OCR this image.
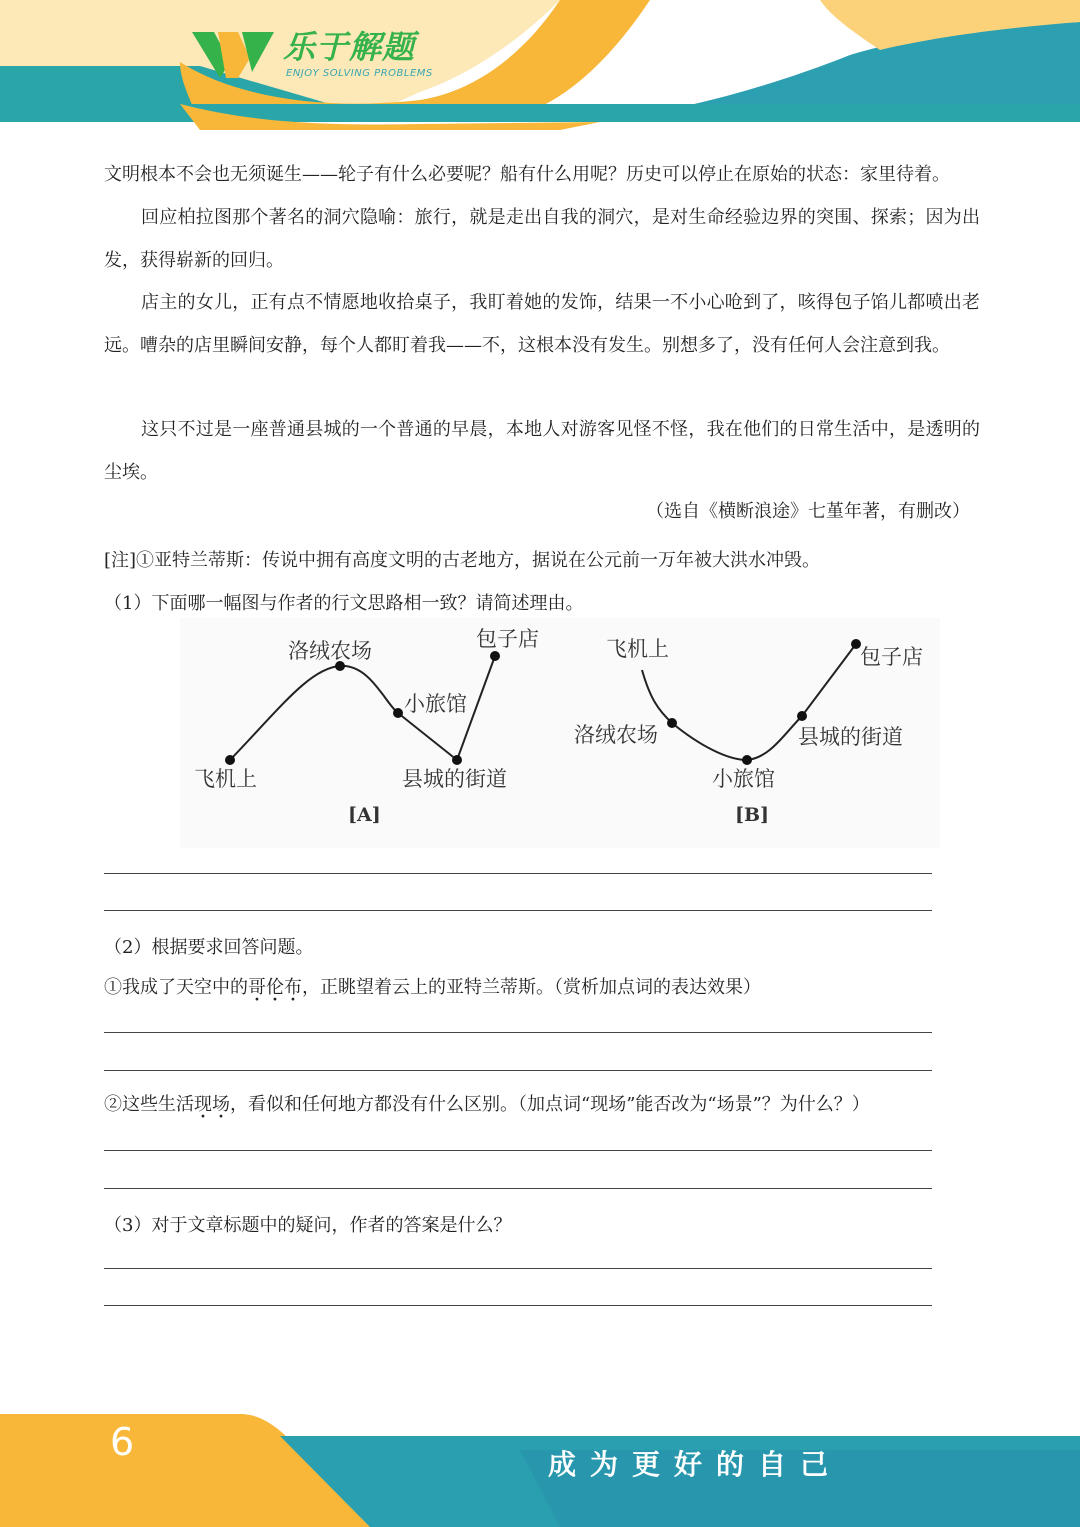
乐于解题
ENJOY SOLVING PROBLEMS

文明根本不会也无须诞生——轮子有什么必要呢？船有什么用呢？历史可以停止在原始的状态：家里待着。

回应柏拉图那个著名的洞穴隐喻：旅行，就是走出自我的洞穴，是对生命经验边界的突围、探索；因为出发，获得崭新的回归。

店主的女儿，正有点不情愿地收拾桌子，我盯着她的发饰，结果一不小心呛到了，咳得包子馅儿都喷出老远。嘈杂的店里瞬间安静，每个人都盯着我——不，这根本没有发生。别想多了，没有任何人会注意到我。

这只不过是一座普通县城的一个普通的早晨，本地人对游客见怪不怪，我在他们的日常生活中，是透明的尘埃。

（选自《横断浪途》七堇年著，有删改）

[注]①亚特兰蒂斯：传说中拥有高度文明的古老地方，据说在公元前一万年被大洪水冲毁。

（1）下面哪一幅图与作者的行文思路相一致？请简述理由。

飞机上
洛绒农场
小旅馆
县城的街道
包子店
[A]
飞机上
洛绒农场
小旅馆
县城的街道
包子店
[B]

（2）根据要求回答问题。

①我成了天空中的哥伦布，正眺望着云上的亚特兰蒂斯。（赏析加点词的表达效果）

②这些生活现场，看似和任何地方都没有什么区别。（加点词“现场”能否改为“场景”？为什么？）

（3）对于文章标题中的疑问，作者的答案是什么？

6
成为更好的自己
